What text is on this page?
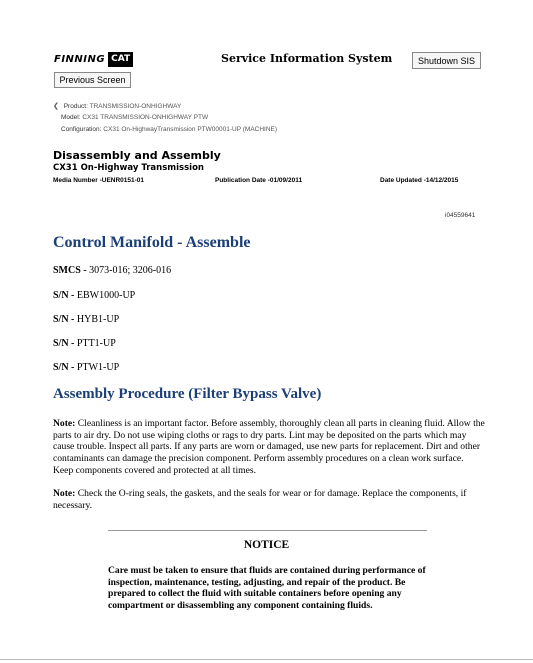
FINNING CAT	Service Information System	Shutdown SIS
Previous Screen
❮ Product: TRANSMISSION-ONHIGHWAY
Model: CX31 TRANSMISSION-ONHIGHWAY PTW
Configuration: CX31 On-HighwayTransmission PTW00001-UP (MACHINE)
Disassembly and Assembly
CX31 On-Highway Transmission
Media Number -UENR0151-01	Publication Date -01/09/2011	Date Updated -14/12/2015
i04559641
Control Manifold - Assemble
SMCS - 3073-016; 3206-016
S/N - EBW1000-UP
S/N - HYB1-UP
S/N - PTT1-UP
S/N - PTW1-UP
Assembly Procedure (Filter Bypass Valve)
Note: Cleanliness is an important factor. Before assembly, thoroughly clean all parts in cleaning fluid. Allow the parts to air dry. Do not use wiping cloths or rags to dry parts. Lint may be deposited on the parts which may cause trouble. Inspect all parts. If any parts are worn or damaged, use new parts for replacement. Dirt and other contaminants can damage the precision component. Perform assembly procedures on a clean work surface. Keep components covered and protected at all times.
Note: Check the O-ring seals, the gaskets, and the seals for wear or for damage. Replace the components, if necessary.
NOTICE
Care must be taken to ensure that fluids are contained during performance of inspection, maintenance, testing, adjusting, and repair of the product. Be prepared to collect the fluid with suitable containers before opening any compartment or disassembling any component containing fluids.
